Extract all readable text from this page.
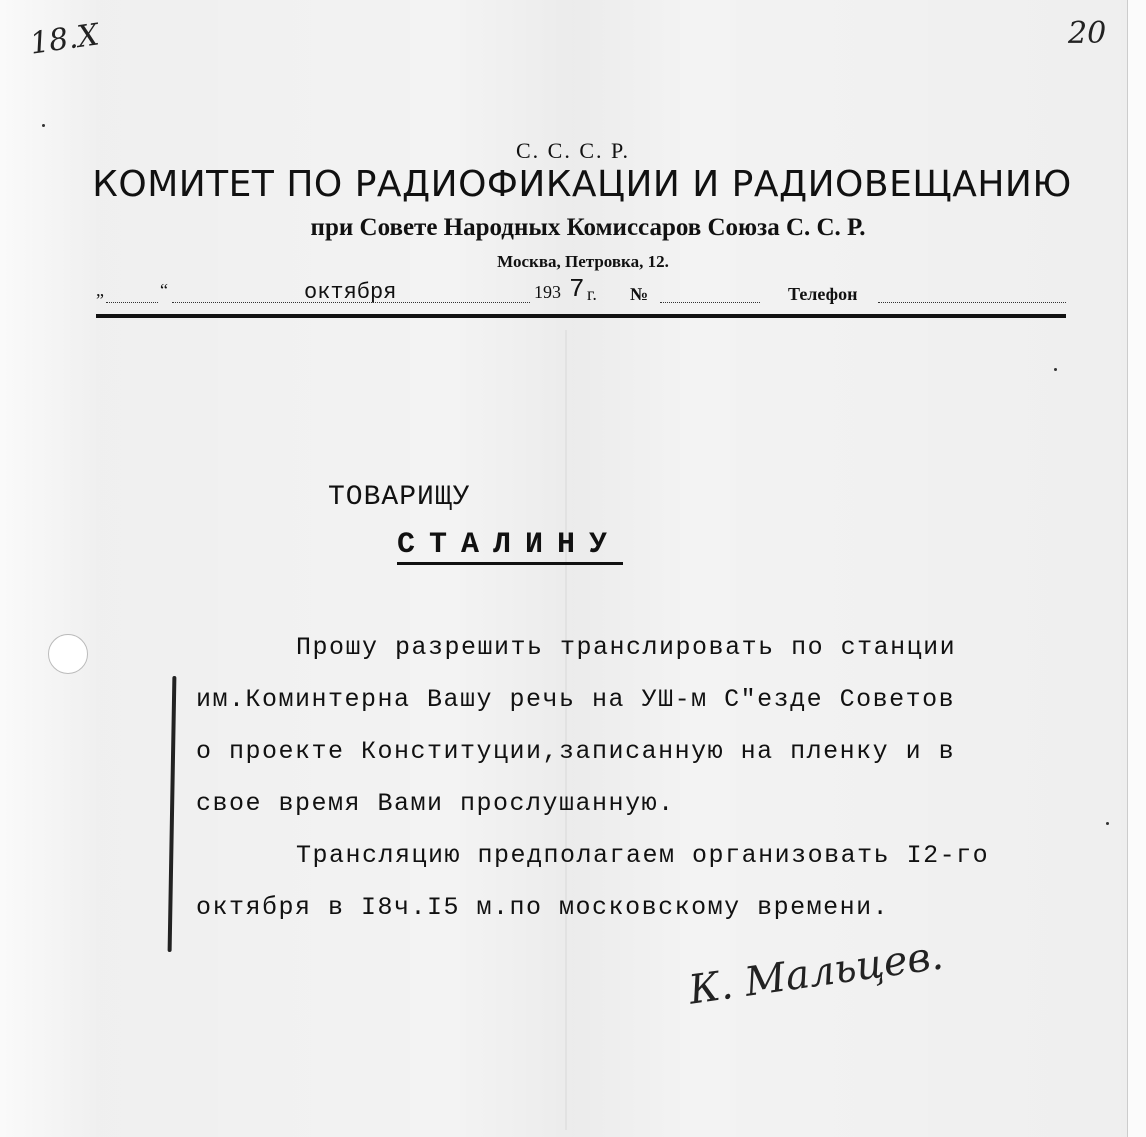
18.X	20
С. С. С. Р.
КОМИТЕТ ПО РАДИОФИКАЦИИ И РАДИОВЕЩАНИЮ
при Совете Народных Комиссаров Союза С. С. Р.
Москва, Петровка, 12.
„	“	октября	193 7 г. №	Телефон
ТОВАРИЩУ
СТАЛИНУ

Прошу разрешить транслировать по станции

им.Коминтерна Вашу речь на УШ-м С"езде Советов

о проекте Конституции,записанную на пленку и в

свое время Вами прослушанную.

Трансляцию предполагаем организовать I2-го

октября в I8ч.I5 м.по московскому времени.

К. Мальцев.
